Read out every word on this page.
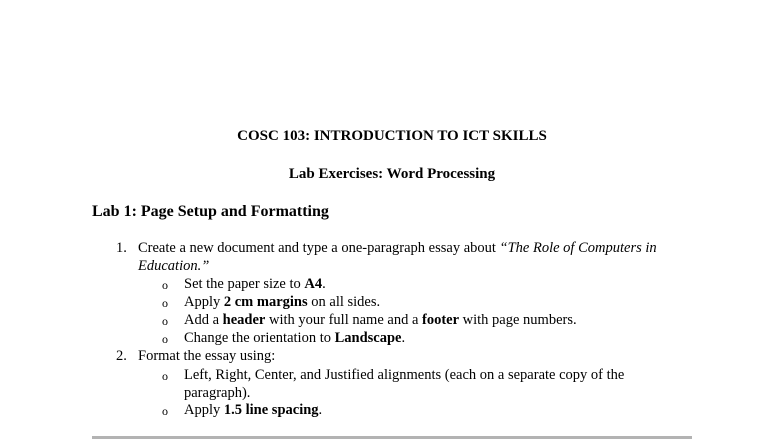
COSC 103: INTRODUCTION TO ICT SKILLS
Lab Exercises: Word Processing
Lab 1: Page Setup and Formatting
1. Create a new document and type a one-paragraph essay about “The Role of Computers in
Education.”
o Set the paper size to A4.
o Apply 2 cm margins on all sides.
o Add a header with your full name and a footer with page numbers.
o Change the orientation to Landscape.
2. Format the essay using:
o Left, Right, Center, and Justified alignments (each on a separate copy of the
paragraph).
o Apply 1.5 line spacing.
